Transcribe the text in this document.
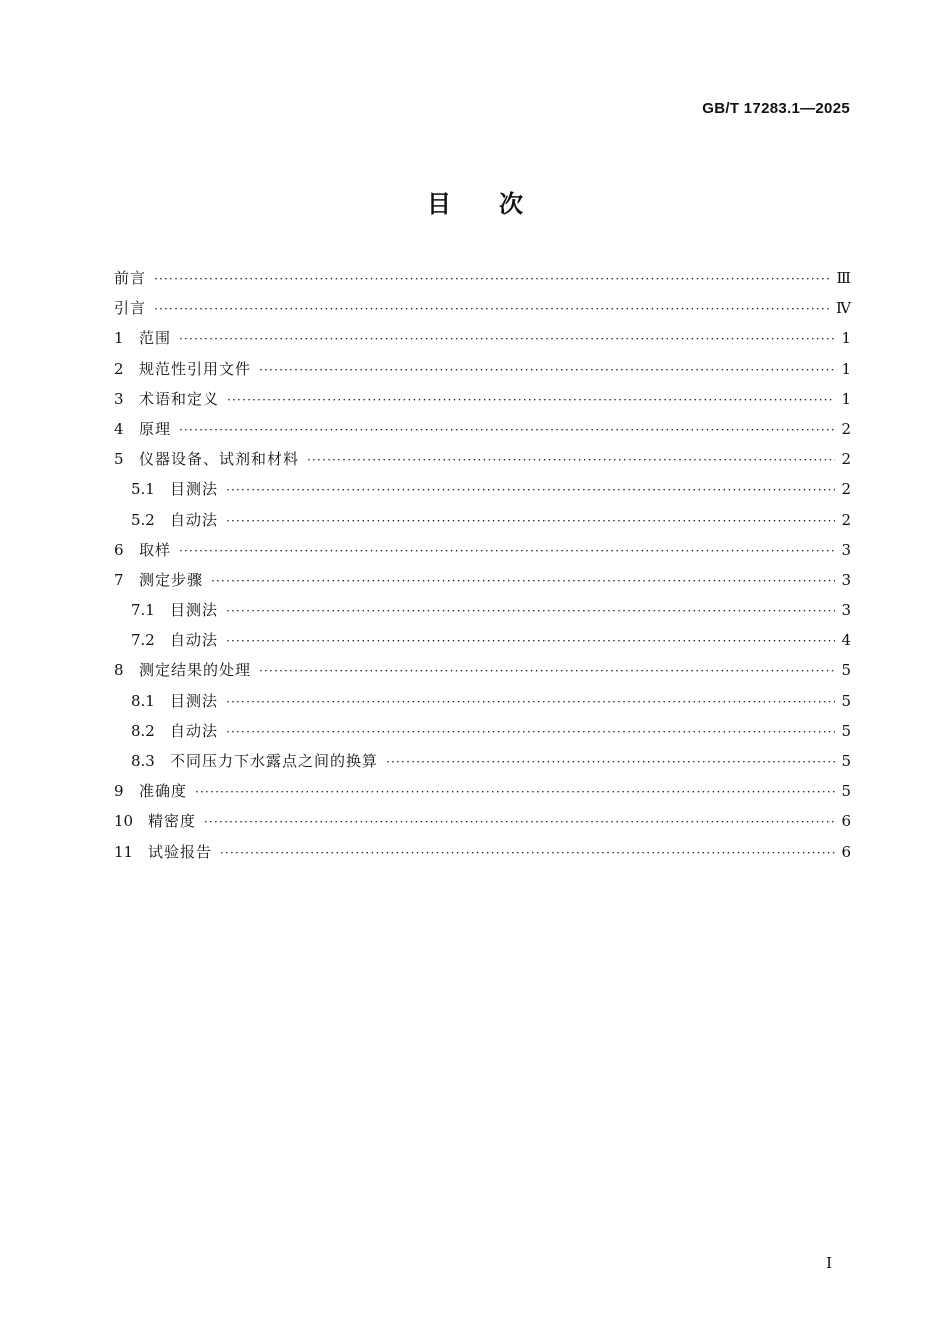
GB/T 17283.1—2025
目次
前言 ·····	Ⅲ
引言 ·····	Ⅳ
1	范围 ·····	1
2	规范性引用文件 ·····	1
3	术语和定义 ·····	1
4	原理 ·····	2
5	仪器设备、试剂和材料 ·····	2
5.1	目测法 ·····	2
5.2	自动法 ·····	2
6	取样 ·····	3
7	测定步骤 ·····	3
7.1	目测法 ·····	3
7.2	自动法 ·····	4
8	测定结果的处理 ·····	5
8.1	目测法 ·····	5
8.2	自动法 ·····	5
8.3	不同压力下水露点之间的换算 ·····	5
9	准确度 ·····	5
10 精密度 ·····	6
11 试验报告 ·····	6
I
